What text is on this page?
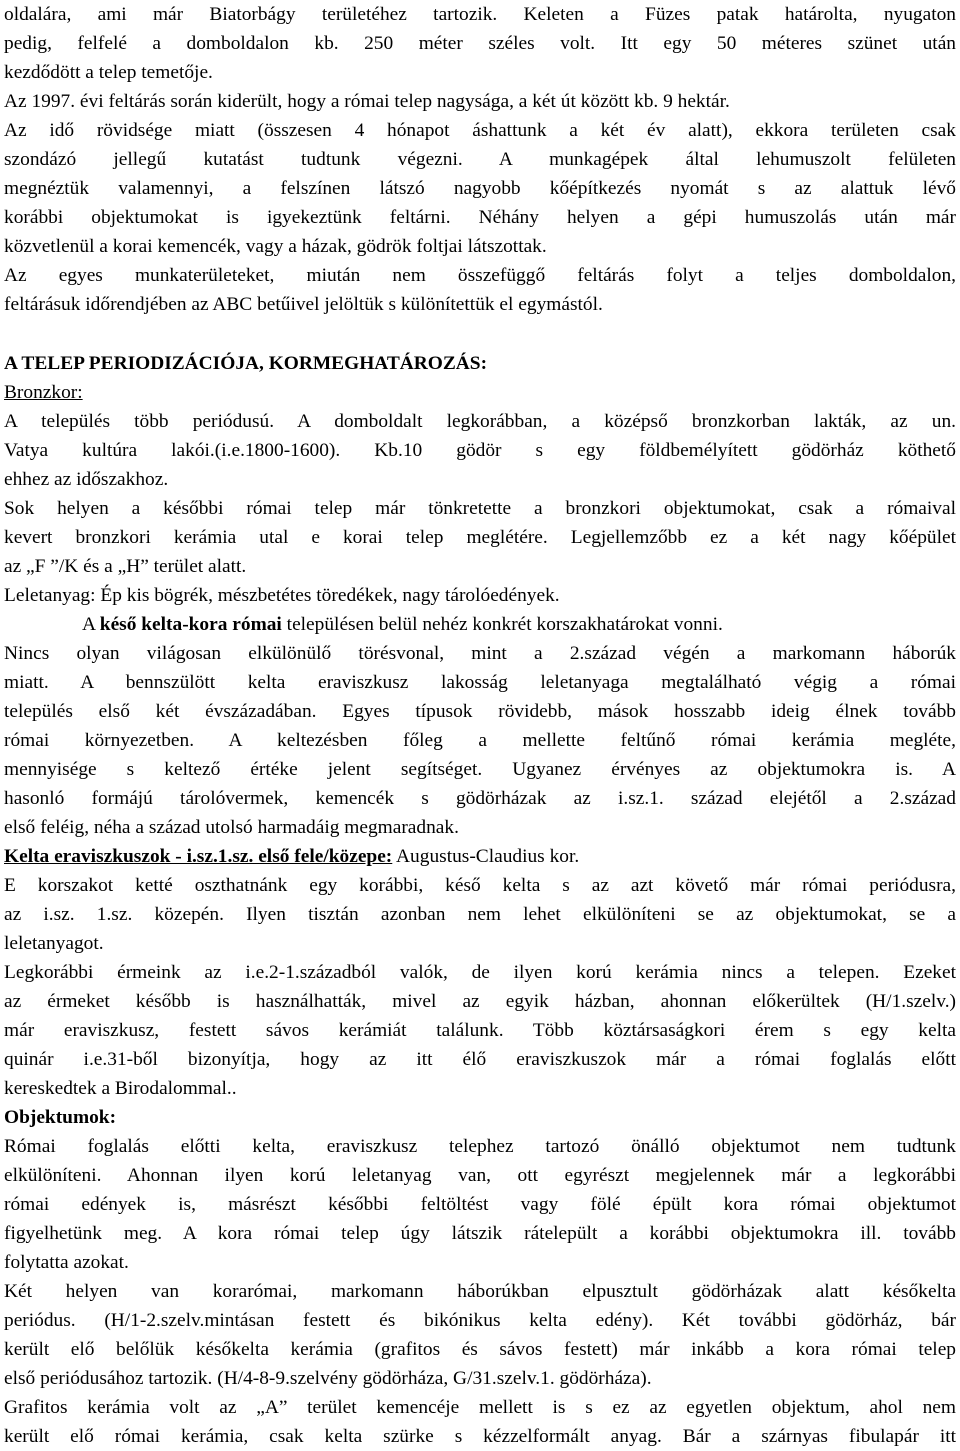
oldalára, ami már Biatorbágy területéhez tartozik. Keleten a Füzes patak határolta, nyugaton
pedig, felfelé a domboldalon kb. 250 méter széles volt. Itt egy 50 méteres szünet után
kezdődött a telep temetője.
Az 1997. évi feltárás során kiderült, hogy a római telep nagysága, a két út között kb. 9 hektár.
Az idő rövidsége miatt (összesen 4 hónapot áshattunk a két év alatt), ekkora területen csak
szondázó jellegű kutatást tudtunk végezni. A munkagépek által lehumuszolt felületen
megnéztük valamennyi, a felszínen látszó nagyobb kőépítkezés nyomát s az alattuk lévő
korábbi objektumokat is igyekeztünk feltárni. Néhány helyen a gépi humuszolás után már
közvetlenül a korai kemencék, vagy a házak, gödrök foltjai látszottak.
Az egyes munkaterületeket, miután nem összefüggő feltárás folyt a teljes domboldalon,
feltárásuk időrendjében az ABC betűivel jelöltük s különítettük el egymástól.
A TELEP PERIODIZÁCIÓJA, KORMEGHATÁROZÁS:
Bronzkor:
A település több periódusú. A domboldalt legkorábban, a középső bronzkorban lakták, az un.
Vatya kultúra lakói.(i.e.1800-1600). Kb.10 gödör s egy földbemélyített gödörház köthető
ehhez az időszakhoz.
Sok helyen a későbbi római telep már tönkretette a bronzkori objektumokat, csak a rómaival
kevert bronzkori kerámia utal e korai telep meglétére. Legjellemzőbb ez a két nagy kőépület
az „F ”/K és a „H” terület alatt.
Leletanyag: Ép kis bögrék, mészbetétes töredékek, nagy tárolóedények.
A késő kelta-kora római településen belül nehéz konkrét korszakhatárokat vonni.
Nincs olyan világosan elkülönülő törésvonal, mint a 2.század végén a markomann háborúk
miatt. A bennszülött kelta eraviszkusz lakosság leletanyaga megtalálható végig a római
település első két évszázadában. Egyes típusok rövidebb, mások hosszabb ideig élnek tovább
római környezetben. A keltezésben főleg a mellette feltűnő római kerámia megléte,
mennyisége s keltező értéke jelent segítséget. Ugyanez érvényes az objektumokra is. A
hasonló formájú tárolóvermek, kemencék s gödörházak az i.sz.1. század elejétől a 2.század
első feléig, néha a század utolsó harmadáig megmaradnak.
Kelta eraviszkuszok - i.sz.1.sz. első fele/közepe: Augustus-Claudius kor.
E korszakot ketté oszthatnánk egy korábbi, késő kelta s az azt követő már római periódusra,
az i.sz. 1.sz. közepén. Ilyen tisztán azonban nem lehet elkülöníteni se az objektumokat, se a
leletanyagot.
Legkorábbi érmeink az i.e.2-1.századból valók, de ilyen korú kerámia nincs a telepen. Ezeket
az érmeket később is használhatták, mivel az egyik házban, ahonnan előkerültek (H/1.szelv.)
már eraviszkusz, festett sávos kerámiát találunk. Több köztársaságkori érem s egy kelta
quinár i.e.31-ből bizonyítja, hogy az itt élő eraviszkuszok már a római foglalás előtt
kereskedtek a Birodalommal..
Objektumok:
Római foglalás előtti kelta, eraviszkusz telephez tartozó önálló objektumot nem tudtunk
elkülöníteni. Ahonnan ilyen korú leletanyag van, ott egyrészt megjelennek már a legkorábbi
római edények is, másrészt későbbi feltöltést vagy fölé épült kora római objektumot
figyelhetünk meg. A kora római telep úgy látszik rátelepült a korábbi objektumokra ill. tovább
folytatta azokat.
Két helyen van korarómai, markomann háborúkban elpusztult gödörházak alatt későkelta
periódus. (H/1-2.szelv.mintásan festett és bikónikus kelta edény). Két további gödörház, bár
került elő belőlük későkelta kerámia (grafitos és sávos festett) már inkább a kora római telep
első periódusához tartozik. (H/4-8-9.szelvény gödörháza, G/31.szelv.1. gödörháza).
Grafitos kerámia volt az „A” terület kemencéje mellett is s ez az egyetlen objektum, ahol nem
került elő római kerámia, csak kelta szürke s kézzelformált anyag. Bár a szárnyas fibulapár itt
